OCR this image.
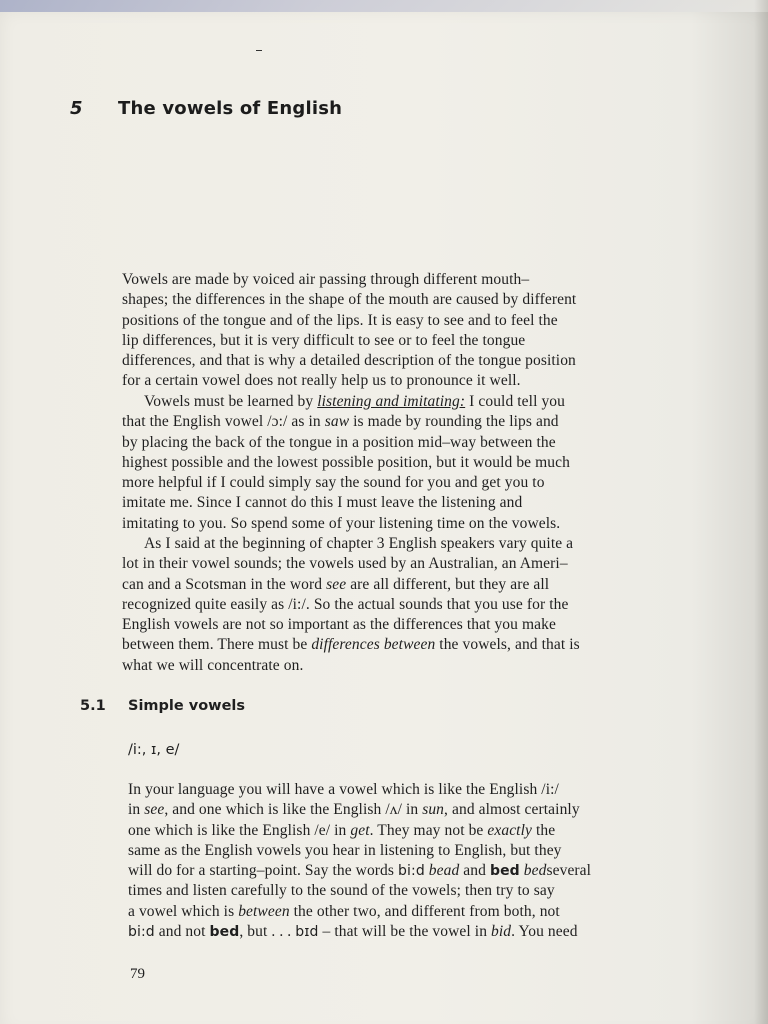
5 The vowels of English
Vowels are made by voiced air passing through different mouth–
shapes; the differences in the shape of the mouth are caused by different
positions of the tongue and of the lips. It is easy to see and to feel the
lip differences, but it is very difficult to see or to feel the tongue
differences, and that is why a detailed description of the tongue position
for a certain vowel does not really help us to pronounce it well.
Vowels must be learned by listening and imitating: I could tell you
that the English vowel /ɔ:/ as in saw is made by rounding the lips and
by placing the back of the tongue in a position mid–way between the
highest possible and the lowest possible position, but it would be much
more helpful if I could simply say the sound for you and get you to
imitate me. Since I cannot do this I must leave the listening and
imitating to you. So spend some of your listening time on the vowels.
As I said at the beginning of chapter 3 English speakers vary quite a
lot in their vowel sounds; the vowels used by an Australian, an Ameri–
can and a Scotsman in the word see are all different, but they are all
recognized quite easily as /i:/. So the actual sounds that you use for the
English vowels are not so important as the differences that you make
between them. There must be differences between the vowels, and that is
what we will concentrate on.
5.1 Simple vowels
/i:, ɪ, e/
In your language you will have a vowel which is like the English /i:/
in see, and one which is like the English /ʌ/ in sun, and almost certainly
one which is like the English /e/ in get. They may not be exactly the
same as the English vowels you hear in listening to English, but they
will do for a starting–point. Say the words bi:d bead and bed bedseveral
times and listen carefully to the sound of the vowels; then try to say
a vowel which is between the other two, and different from both, not
bi:d and not bed, but . . . bɪd – that will be the vowel in bid. You need
79
